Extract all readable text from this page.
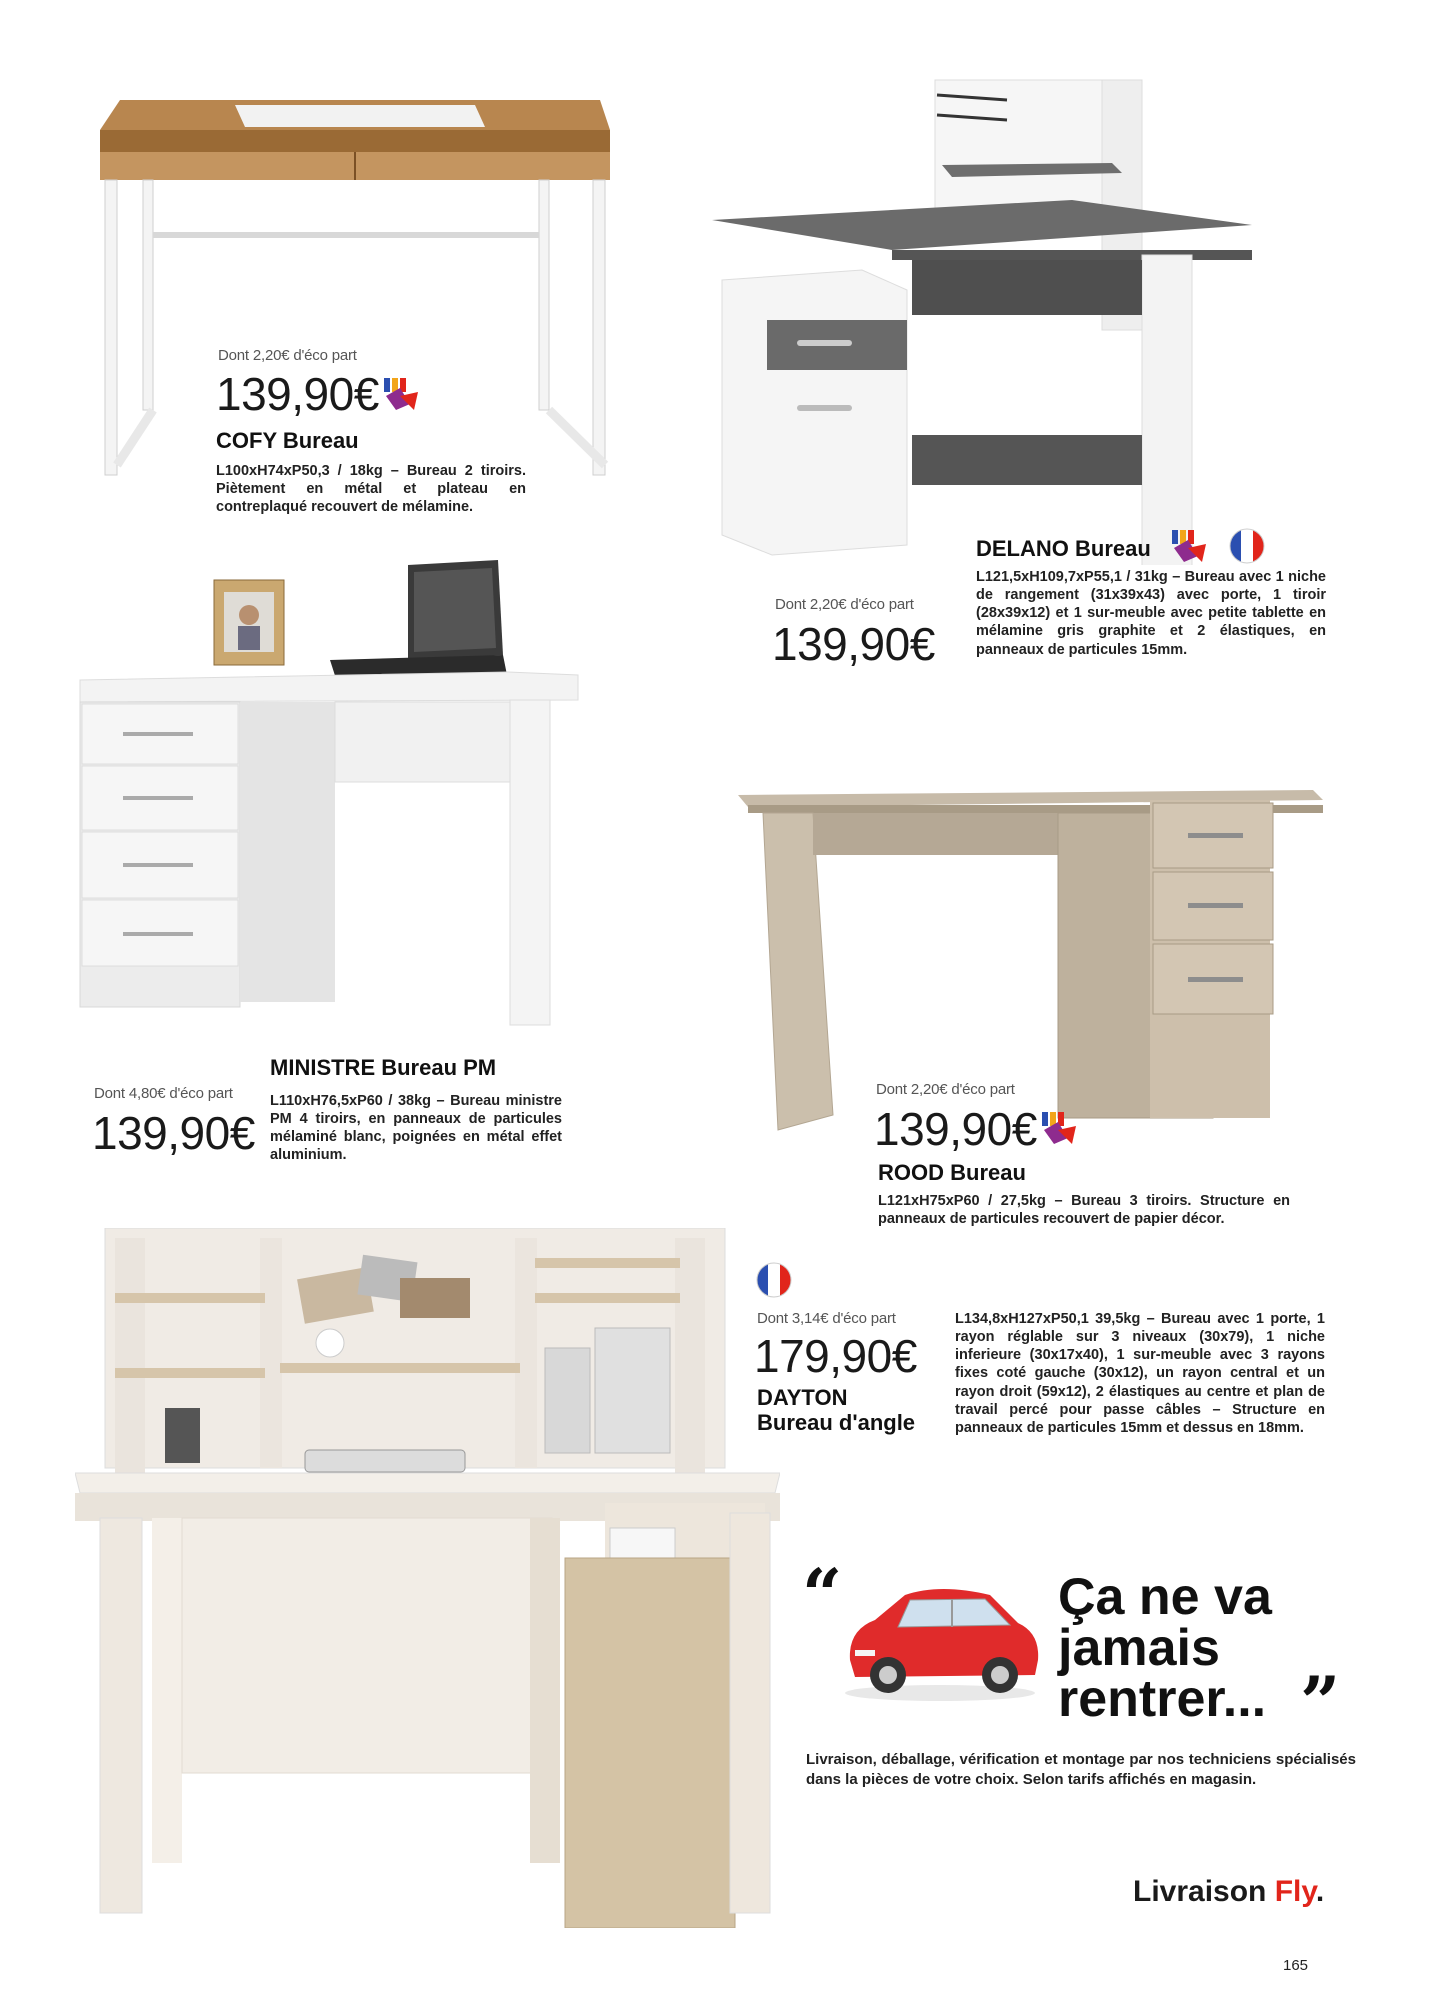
Dont 2,20€ d'éco part
139,90€
COFY Bureau
L100xH74xP50,3 / 18kg – Bureau 2 tiroirs. Piètement en métal et plateau en contreplaqué recouvert de mélamine.
DELANO Bureau
Dont 2,20€ d'éco part
139,90€
L121,5xH109,7xP55,1 / 31kg – Bureau avec 1 niche de rangement (31x39x43) avec porte, 1 tiroir (28x39x12) et 1 sur-meuble avec petite tablette en mélamine gris graphite et 2 élastiques, en panneaux de particules 15mm.
MINISTRE Bureau PM
Dont 4,80€ d'éco part
139,90€
L110xH76,5xP60 / 38kg – Bureau ministre PM 4 tiroirs, en panneaux de particules mélaminé blanc, poignées en métal effet aluminium.
Dont 2,20€ d'éco part
139,90€
ROOD Bureau
L121xH75xP60 / 27,5kg – Bureau 3 tiroirs. Structure en panneaux de particules recouvert de papier décor.
Dont 3,14€ d'éco part
179,90€
DAYTON
Bureau d'angle
L134,8xH127xP50,1 39,5kg – Bureau avec 1 porte, 1 rayon réglable sur 3 niveaux (30x79), 1 niche inferieure (30x17x40), 1 sur-meuble avec 3 rayons fixes coté gauche (30x12), un rayon central et un rayon droit (59x12), 2 élastiques au centre et plan de travail percé pour passe câbles – Structure en panneaux de particules 15mm et dessus en 18mm.
“	Ça ne va
jamais
rentrer... ”
Livraison, déballage, vérification et montage par nos techniciens spécialisés dans la pièces de votre choix. Selon tarifs affichés en magasin.
Livraison Fly.
165
